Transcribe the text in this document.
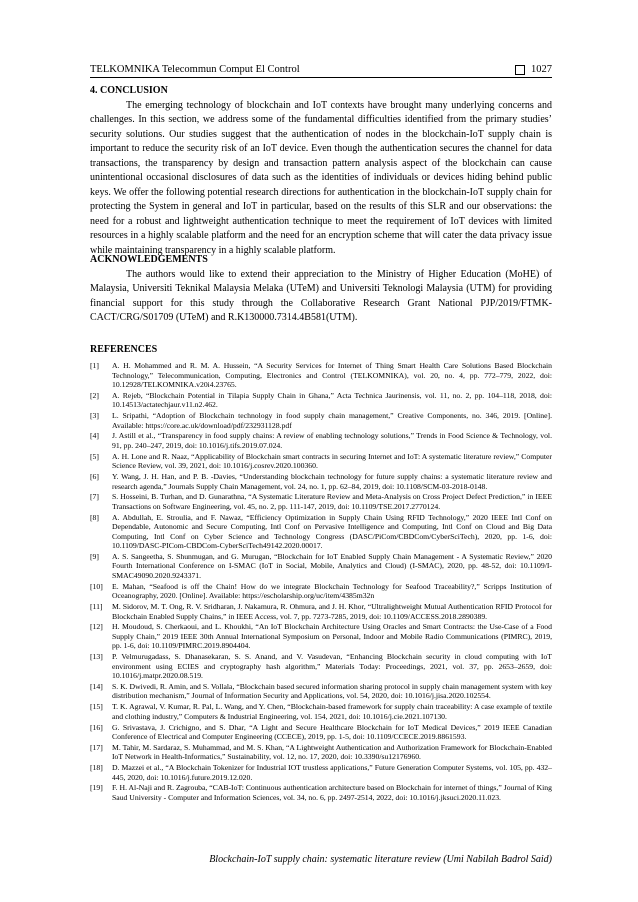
TELKOMNIKA Telecommun Comput El Control	1027
4. CONCLUSION

The emerging technology of blockchain and IoT contexts have brought many underlying concerns and challenges. In this section, we address some of the fundamental difficulties identified from the primary studies’ security solutions. Our studies suggest that the authentication of nodes in the blockchain-IoT supply chain is important to reduce the security risk of an IoT device. Even though the authentication secures the channel for data transactions, the transparency by design and transaction pattern analysis aspect of the blockchain can cause unintentional occasional disclosures of data such as the identities of individuals or devices hiding behind public keys. We offer the following potential research directions for authentication in the blockchain-IoT supply chain for protecting the System in general and IoT in particular, based on the results of this SLR and our observations: the need for a robust and lightweight authentication technique to meet the requirement of IoT devices with limited resources in a highly scalable platform and the need for an encryption scheme that will cater the data privacy issue while maintaining transparency in a highly scalable platform.

ACKNOWLEDGEMENTS

The authors would like to extend their appreciation to the Ministry of Higher Education (MoHE) of Malaysia, Universiti Teknikal Malaysia Melaka (UTeM) and Universiti Teknologi Malaysia (UTM) for providing financial support for this study through the Collaborative Research Grant National PJP/2019/FTMK-CACT/CRG/S01709 (UTeM) and R.K130000.7314.4B581(UTM).

REFERENCES
[1]	A. H. Mohammed and R. M. A. Hussein, “A Security Services for Internet of Thing Smart Health Care Solutions Based Blockchain Technology,” Telecommunication, Computing, Electronics and Control (TELKOMNIKA), vol. 20, no. 4, pp. 772–779, 2022, doi: 10.12928/TELKOMNIKA.v20i4.23765.
[2]	A. Rejeb, “Blockchain Potential in Tilapia Supply Chain in Ghana,” Acta Technica Jaurinensis, vol. 11, no. 2, pp. 104–118, 2018, doi: 10.14513/actatechjaur.v11.n2.462.
[3]	L. Sripathi, “Adoption of Blockchain technology in food supply chain management,” Creative Components, no. 346, 2019. [Online]. Available: https://core.ac.uk/download/pdf/232931128.pdf
[4]	J. Astill et al., “Transparency in food supply chains: A review of enabling technology solutions,” Trends in Food Science & Technology, vol. 91, pp. 240–247, 2019, doi: 10.1016/j.tifs.2019.07.024.
[5]	A. H. Lone and R. Naaz, “Applicability of Blockchain smart contracts in securing Internet and IoT: A systematic literature review,” Computer Science Review, vol. 39, 2021, doi: 10.1016/j.cosrev.2020.100360.
[6]	Y. Wang, J. H. Han, and P. B. -Davies, “Understanding blockchain technology for future supply chains: a systematic literature review and research agenda,” Journals Supply Chain Management, vol. 24, no. 1, pp. 62–84, 2019, doi: 10.1108/SCM-03-2018-0148.
[7]	S. Hosseini, B. Turhan, and D. Gunarathna, “A Systematic Literature Review and Meta-Analysis on Cross Project Defect Prediction,” in IEEE Transactions on Software Engineering, vol. 45, no. 2, pp. 111-147, 2019, doi: 10.1109/TSE.2017.2770124.
[8]	A. Abdullah, E. Stroulia, and F. Nawaz, “Efficiency Optimization in Supply Chain Using RFID Technology,” 2020 IEEE Intl Conf on Dependable, Autonomic and Secure Computing, Intl Conf on Pervasive Intelligence and Computing, Intl Conf on Cloud and Big Data Computing, Intl Conf on Cyber Science and Technology Congress (DASC/PiCom/CBDCom/CyberSciTech), 2020, pp. 1-6, doi: 10.1109/DASC-PICom-CBDCom-CyberSciTech49142.2020.00017.
[9]	A. S. Sangeetha, S. Shunmugan, and G. Murugan, “Blockchain for IoT Enabled Supply Chain Management - A Systematic Review,” 2020 Fourth International Conference on I-SMAC (IoT in Social, Mobile, Analytics and Cloud) (I-SMAC), 2020, pp. 48-52, doi: 10.1109/I-SMAC49090.2020.9243371.
[10]	E. Mahan, “Seafood is off the Chain! How do we integrate Blockchain Technology for Seafood Traceability?,” Scripps Institution of Oceanography, 2020. [Online]. Available: https://escholarship.org/uc/item/4385m32n
[11]	M. Sidorov, M. T. Ong, R. V. Sridharan, J. Nakamura, R. Ohmura, and J. H. Khor, “Ultralightweight Mutual Authentication RFID Protocol for Blockchain Enabled Supply Chains,” in IEEE Access, vol. 7, pp. 7273-7285, 2019, doi: 10.1109/ACCESS.2018.2890389.
[12]	H. Moudoud, S. Cherkaoui, and L. Khoukhi, “An IoT Blockchain Architecture Using Oracles and Smart Contracts: the Use-Case of a Food Supply Chain,” 2019 IEEE 30th Annual International Symposium on Personal, Indoor and Mobile Radio Communications (PIMRC), 2019, pp. 1-6, doi: 10.1109/PIMRC.2019.8904404.
[13]	P. Velmurugadass, S. Dhanasekaran, S. S. Anand, and V. Vasudevan, “Enhancing Blockchain security in cloud computing with IoT environment using ECIES and cryptography hash algorithm,” Materials Today: Proceedings, 2021, vol. 37, pp. 2653–2659, doi: 10.1016/j.matpr.2020.08.519.
[14]	S. K. Dwivedi, R. Amin, and S. Vollala, “Blockchain based secured information sharing protocol in supply chain management system with key distribution mechanism,” Journal of Information Security and Applications, vol. 54, 2020, doi: 10.1016/j.jisa.2020.102554.
[15]	T. K. Agrawal, V. Kumar, R. Pal, L. Wang, and Y. Chen, “Blockchain-based framework for supply chain traceability: A case example of textile and clothing industry,” Computers & Industrial Engineering, vol. 154, 2021, doi: 10.1016/j.cie.2021.107130.
[16]	G. Srivastava, J. Crichigno, and S. Dhar, “A Light and Secure Healthcare Blockchain for IoT Medical Devices,” 2019 IEEE Canadian Conference of Electrical and Computer Engineering (CCECE), 2019, pp. 1-5, doi: 10.1109/CCECE.2019.8861593.
[17]	M. Tahir, M. Sardaraz, S. Muhammad, and M. S. Khan, “A Lightweight Authentication and Authorization Framework for Blockchain-Enabled IoT Network in Health-Informatics,” Sustainability, vol. 12, no. 17, 2020, doi: 10.3390/su12176960.
[18]	D. Mazzei et al., “A Blockchain Tokenizer for Industrial IOT trustless applications,” Future Generation Computer Systems, vol. 105, pp. 432–445, 2020, doi: 10.1016/j.future.2019.12.020.
[19]	F. H. Al-Naji and R. Zagrouba, “CAB-IoT: Continuous authentication architecture based on Blockchain for internet of things,” Journal of King Saud University - Computer and Information Sciences, vol. 34, no. 6, pp. 2497-2514, 2022, doi: 10.1016/j.jksuci.2020.11.023.
Blockchain-IoT supply chain: systematic literature review (Umi Nabilah Badrol Said)
